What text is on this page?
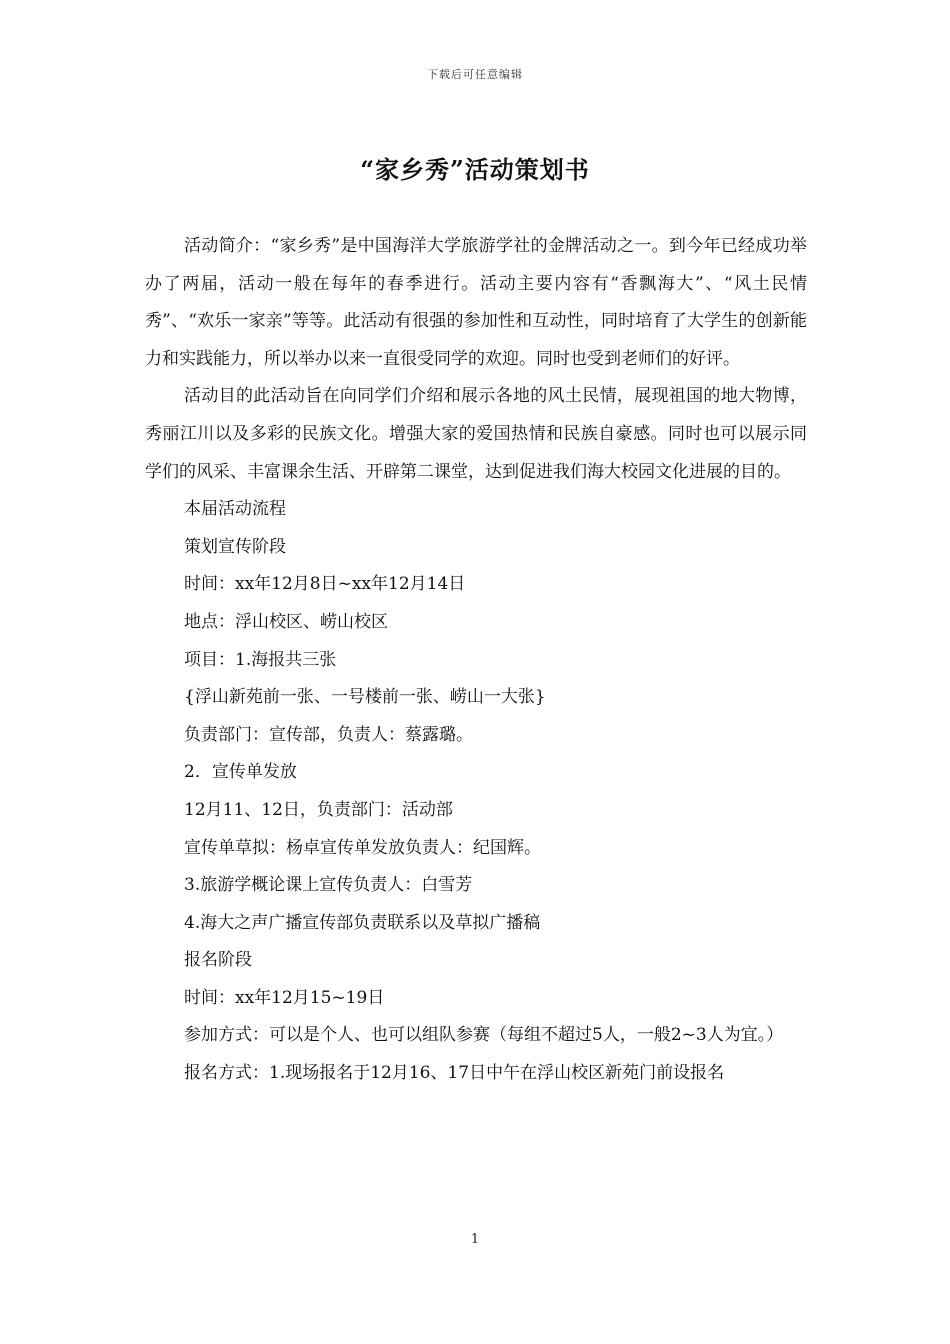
下载后可任意编辑
“家乡秀”活动策划书

活动简介：“家乡秀”是中国海洋大学旅游学社的金牌活动之一。到今年已经成功举办了两届，活动一般在每年的春季进行。活动主要内容有“香飘海大”、“风土民情秀”、“欢乐一家亲”等等。此活动有很强的参加性和互动性，同时培育了大学生的创新能力和实践能力，所以举办以来一直很受同学的欢迎。同时也受到老师们的好评。

活动目的此活动旨在向同学们介绍和展示各地的风土民情，展现祖国的地大物博，秀丽江川以及多彩的民族文化。增强大家的爱国热情和民族自豪感。同时也可以展示同学们的风采、丰富课余生活、开辟第二课堂，达到促进我们海大校园文化进展的目的。

本届活动流程

策划宣传阶段

时间：xx年12月8日~xx年12月14日

地点：浮山校区、崂山校区

项目：1.海报共三张

{浮山新苑前一张、一号楼前一张、崂山一大张}

负责部门：宣传部，负责人：蔡露璐。

2．宣传单发放

12月11、12日，负责部门：活动部

宣传单草拟：杨卓宣传单发放负责人：纪国辉。

3.旅游学概论课上宣传负责人：白雪芳

4.海大之声广播宣传部负责联系以及草拟广播稿

报名阶段

时间：xx年12月15~19日

参加方式：可以是个人、也可以组队参赛（每组不超过5人，一般2~3人为宜。）

报名方式：1.现场报名于12月16、17日中午在浮山校区新苑门前设报名

1
